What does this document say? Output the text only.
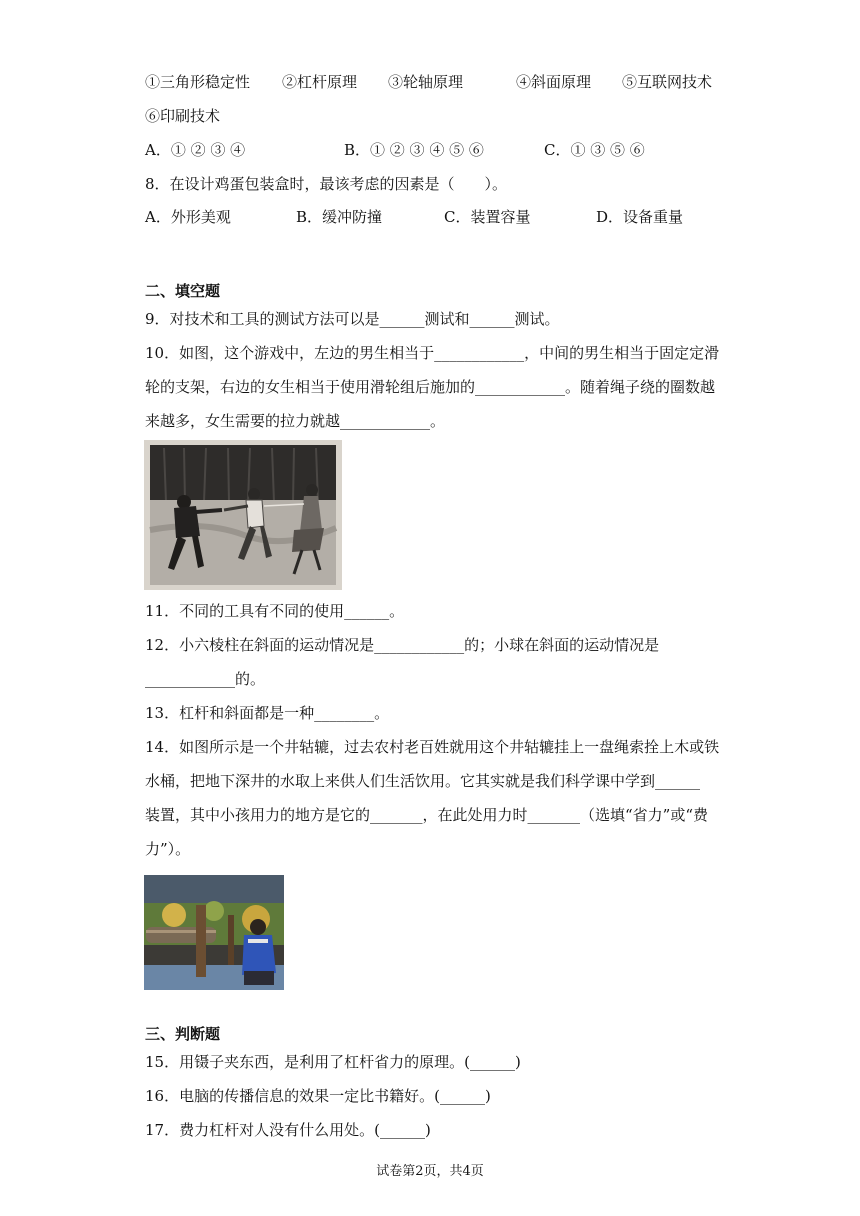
①三角形稳定性 ②杠杆原理 ③轮轴原理	④斜面原理 ⑤互联网技术
⑥印刷技术
A．① ② ③ ④	B．① ② ③ ④ ⑤ ⑥	C．① ③ ⑤ ⑥
8．在设计鸡蛋包装盒时，最该考虑的因素是（　　）。
A．外形美观	B．缓冲防撞	C．装置容量	D．设备重量
二、填空题
9．对技术和工具的测试方法可以是______测试和______测试。
10．如图，这个游戏中，左边的男生相当于____________，中间的男生相当于固定定滑
轮的支架，右边的女生相当于使用滑轮组后施加的____________。随着绳子绕的圈数越
来越多，女生需要的拉力就越____________。
11．不同的工具有不同的使用______。
12．小六棱柱在斜面的运动情况是____________的；小球在斜面的运动情况是
____________的。
13．杠杆和斜面都是一种________。
14．如图所示是一个井轱辘，过去农村老百姓就用这个井轱辘挂上一盘绳索拴上木或铁
水桶，把地下深井的水取上来供人们生活饮用。它其实就是我们科学课中学到______
装置，其中小孩用力的地方是它的_______，在此处用力时_______（选填“省力”或“费
力”）。
三、判断题
15．用镊子夹东西，是利用了杠杆省力的原理。(______)
16．电脑的传播信息的效果一定比书籍好。(______)
17．费力杠杆对人没有什么用处。(______)
试卷第2页，共4页
